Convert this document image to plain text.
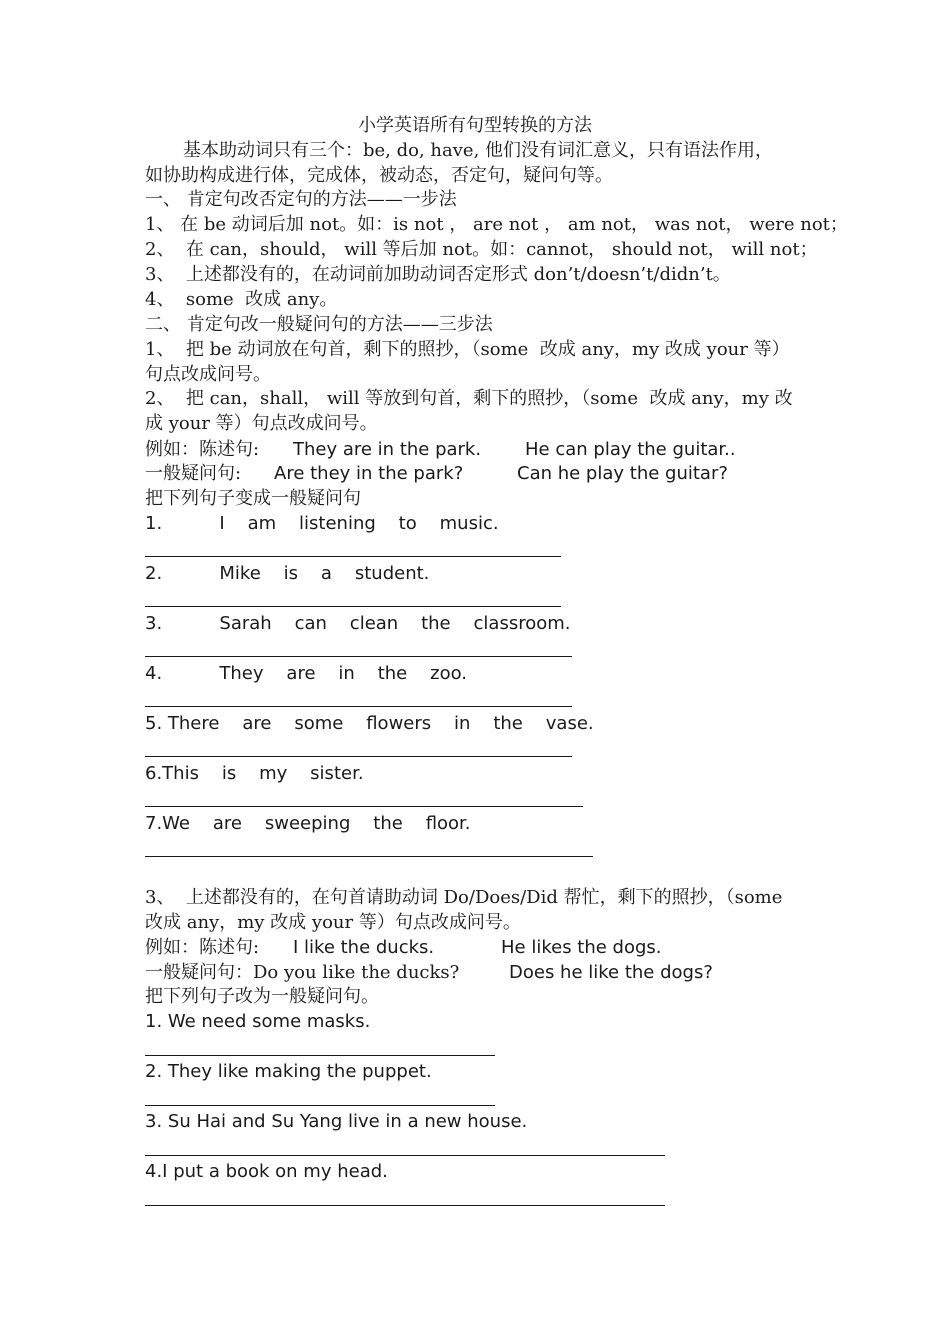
小学英语所有句型转换的方法
基本助动词只有三个：be, do, have, 他们没有词汇意义，只有语法作用，
如协助构成进行体，完成体，被动态，否定句，疑问句等。
一、 肯定句改否定句的方法——一步法
1、 在 be 动词后加 not。如：is not ， are not ， am not， was not， were not；
2、  在 can，should， will 等后加 not。如：cannot， should not， will not；
3、  上述都没有的，在动词前加助动词否定形式 don’t/doesn’t/didn’t。
4、  some  改成 any。
二、 肯定句改一般疑问句的方法——三步法
1、  把 be 动词放在句首，剩下的照抄，（some  改成 any，my 改成 your 等）
句点改成问号。
2、  把 can，shall， will 等放到句首，剩下的照抄，（some  改成 any，my 改
成 your 等）句点改成问号。
例如：陈述句: They are in the park. He can play the guitar..
一般疑问句: Are they in the park?	Can he play the guitar?
把下列句子变成一般疑问句
1.          I    am    listening    to    music.
2.          Mike    is    a    student.
3.          Sarah    can    clean    the    classroom.
4.          They    are    in    the    zoo.
5. There    are    some    flowers    in    the    vase.
6.This    is    my    sister.
7.We    are    sweeping    the    floor.
3、  上述都没有的，在句首请助动词 Do/Does/Did 帮忙，剩下的照抄，（some
改成 any，my 改成 your 等）句点改成问号。
例如：陈述句: I like the ducks.	He likes the dogs.
一般疑问句：Do you like the ducks?	Does he like the dogs?
把下列句子改为一般疑问句。
1. We need some masks.
2. They like making the puppet.
3. Su Hai and Su Yang live in a new house.
4.I put a book on my head.
